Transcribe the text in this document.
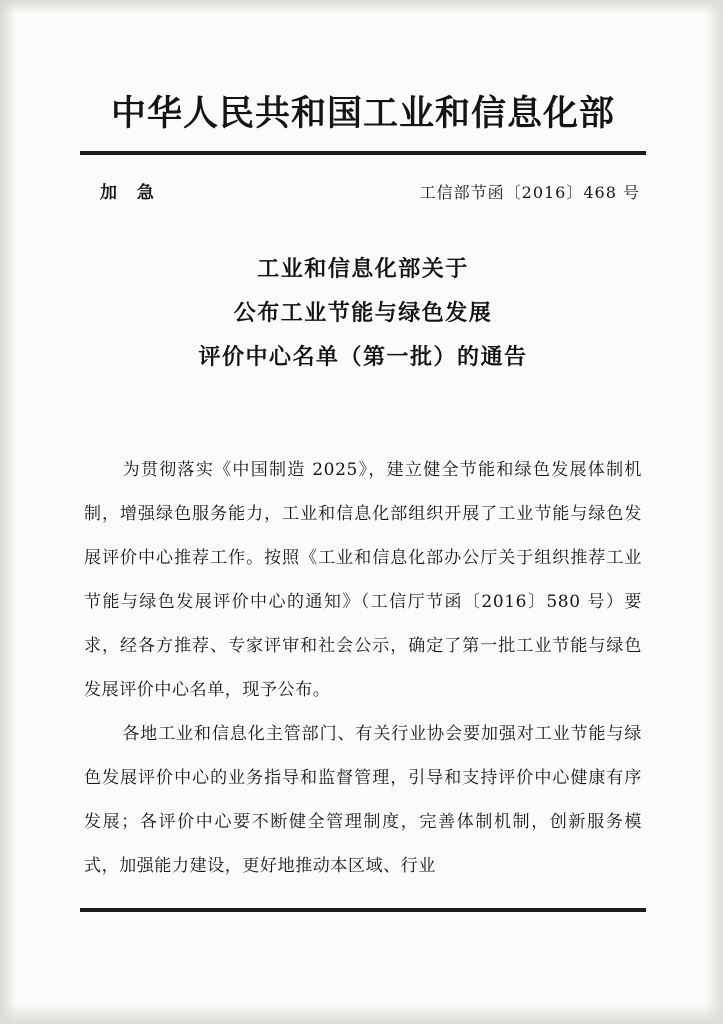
中华人民共和国工业和信息化部
加 急	工信部节函〔2016〕468 号
工业和信息化部关于
公布工业节能与绿色发展
评价中心名单（第一批）的通告

为贯彻落实《中国制造 2025》，建立健全节能和绿色发展体制机制，增强绿色服务能力，工业和信息化部组织开展了工业节能与绿色发展评价中心推荐工作。按照《工业和信息化部办公厅关于组织推荐工业节能与绿色发展评价中心的通知》（工信厅节函〔2016〕580 号）要求，经各方推荐、专家评审和社会公示，确定了第一批工业节能与绿色发展评价中心名单，现予公布。

各地工业和信息化主管部门、有关行业协会要加强对工业节能与绿色发展评价中心的业务指导和监督管理，引导和支持评价中心健康有序发展；各评价中心要不断健全管理制度，完善体制机制，创新服务模式，加强能力建设，更好地推动本区域、行业
